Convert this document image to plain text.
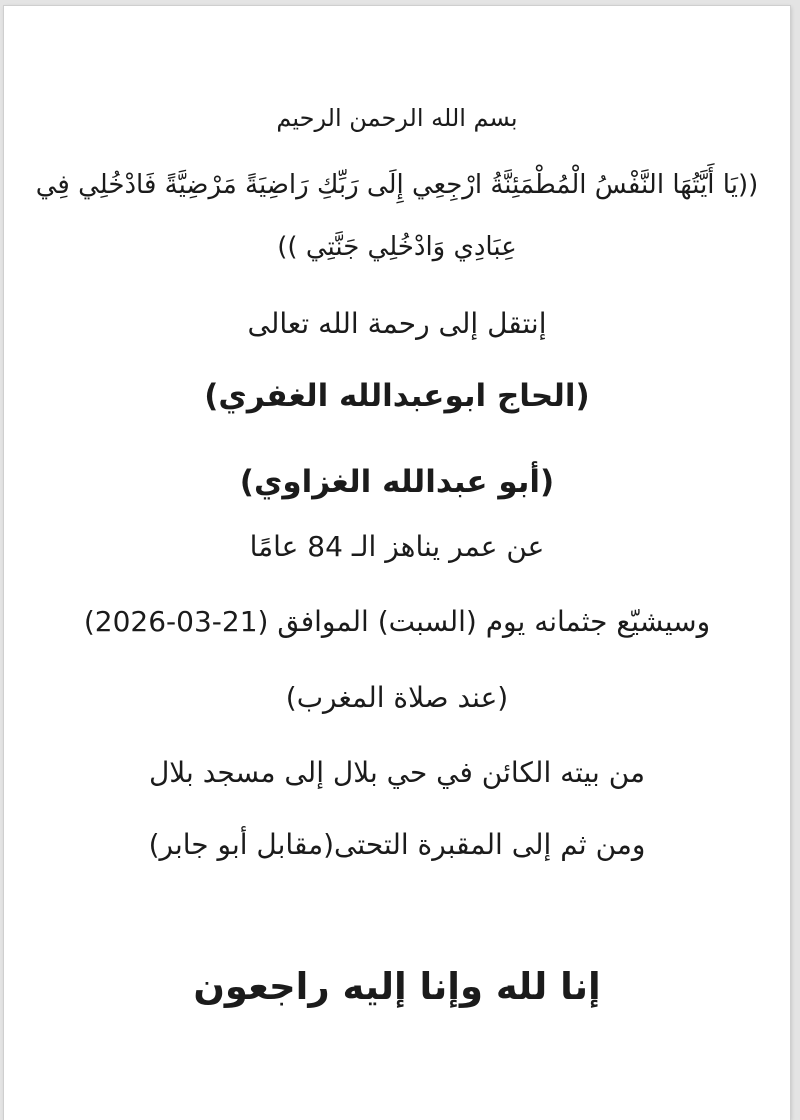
بسم الله الرحمن الرحيم

((يَا أَيَّتُهَا النَّفْسُ الْمُطْمَئِنَّةُ ارْجِعِي إِلَى رَبِّكِ رَاضِيَةً مَرْضِيَّةً فَادْخُلِي فِي عِبَادِي وَادْخُلِي جَنَّتِي ))

إنتقل إلى رحمة الله تعالى

(الحاج ابوعبدالله الغفري)

(أبو عبدالله الغزاوي)

عن عمر يناهز الـ 84 عامًا

وسيشيّع جثمانه يوم (السبت) الموافق (21-03-2026)

(عند صلاة المغرب)

من بيته الكائن في حي بلال إلى مسجد بلال

ومن ثم إلى المقبرة التحتى(مقابل أبو جابر)

إنا لله وإنا إليه راجعون
